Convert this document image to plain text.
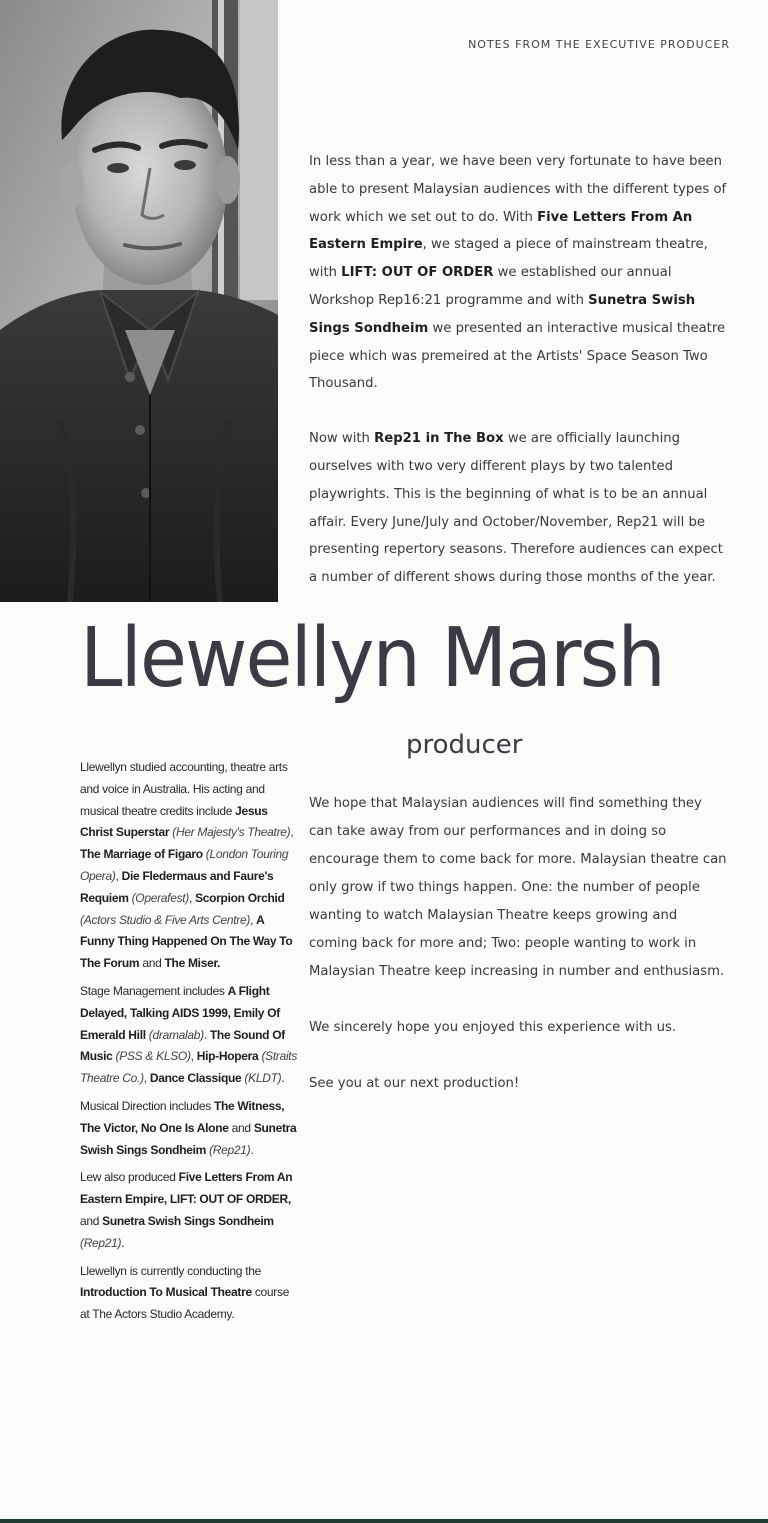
NOTES FROM THE EXECUTIVE PRODUCER

In less than a year, we have been very fortunate to have been able to present Malaysian audiences with the different types of work which we set out to do. With Five Letters From An Eastern Empire, we staged a piece of mainstream theatre, with LIFT: OUT OF ORDER we established our annual Workshop Rep16:21 programme and with Sunetra Swish Sings Sondheim we presented an interactive musical theatre piece which was premeired at the Artists' Space Season Two Thousand.

Now with Rep21 in The Box we are officially launching ourselves with two very different plays by two talented playwrights. This is the beginning of what is to be an annual affair. Every June/July and October/November, Rep21 will be presenting repertory seasons. Therefore audiences can expect a number of different shows during those months of the year.

Llewellyn Marsh
producer

Llewellyn studied accounting, theatre arts and voice in Australia. His acting and musical theatre credits include Jesus Christ Superstar (Her Majesty's Theatre), The Marriage of Figaro (London Touring Opera), Die Fledermaus and Faure's Requiem (Operafest), Scorpion Orchid (Actors Studio & Five Arts Centre), A Funny Thing Happened On The Way To The Forum and The Miser.

Stage Management includes A Flight Delayed, Talking AIDS 1999, Emily Of Emerald Hill (dramalab). The Sound Of Music (PSS & KLSO), Hip-Hopera (Straits Theatre Co.), Dance Classique (KLDT).

Musical Direction includes The Witness, The Victor, No One Is Alone and Sunetra Swish Sings Sondheim (Rep21).

Lew also produced Five Letters From An Eastern Empire, LIFT: OUT OF ORDER, and Sunetra Swish Sings Sondheim (Rep21).

Llewellyn is currently conducting the Introduction To Musical Theatre course at The Actors Studio Academy.

We hope that Malaysian audiences will find something they can take away from our performances and in doing so encourage them to come back for more. Malaysian theatre can only grow if two things happen. One: the number of people wanting to watch Malaysian Theatre keeps growing and coming back for more and; Two: people wanting to work in Malaysian Theatre keep increasing in number and enthusiasm.

We sincerely hope you enjoyed this experience with us.

See you at our next production!
